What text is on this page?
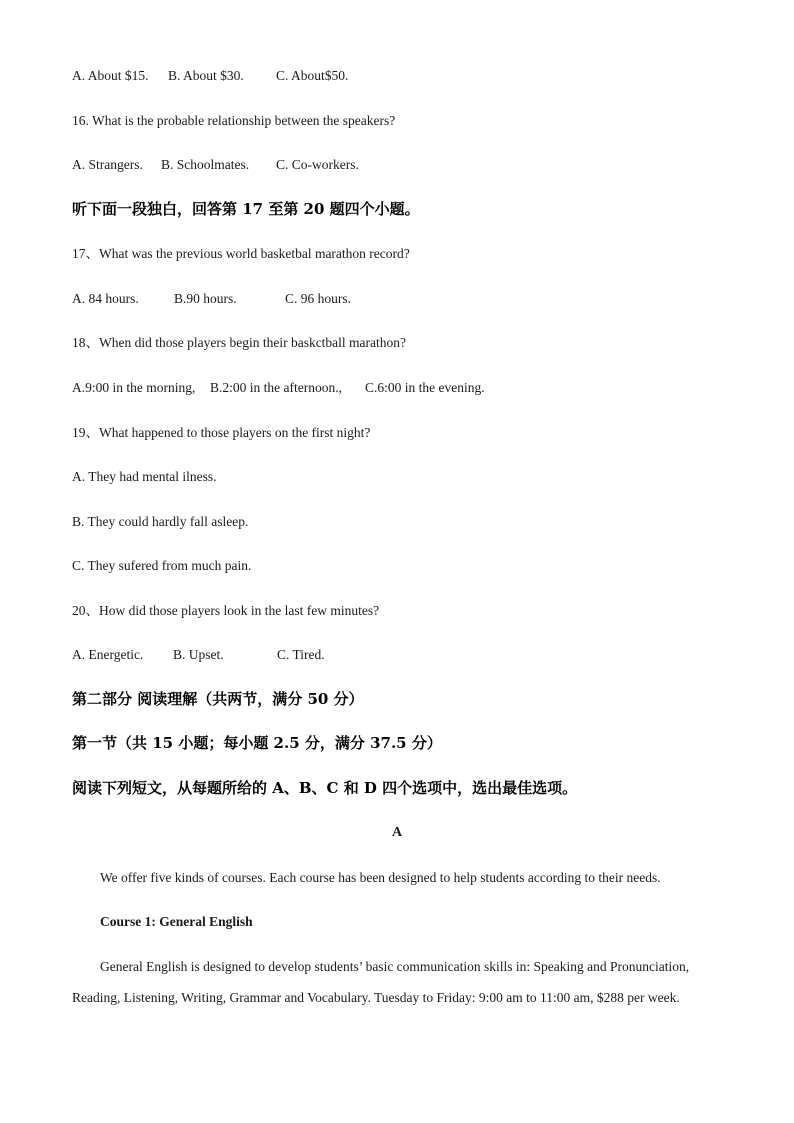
A. About $15. B. About $30. C. About$50.
16. What is the probable relationship between the speakers?
A. Strangers. B. Schoolmates. C. Co-workers.
听下面一段独白，回答第 17 至第 20 题四个小题。
17、What was the previous world basketbal marathon record?
A. 84 hours.	B.90 hours.	C. 96 hours.
18、When did those players begin their baskctball marathon?
A.9:00 in the morning, B.2:00 in the afternoon., C.6:00 in the evening.
19、What happened to those players on the first night?
A. They had mental ilness.
B. They could hardly fall asleep.
C. They sufered from much pain.
20、How did those players look in the last few minutes?
A. Energetic. B. Upset.	C. Tired.
第二部分 阅读理解（共两节，满分 50 分）
第一节（共 15 小题；每小题 2.5 分，满分 37.5 分）
阅读下列短文，从每题所给的 A、B、C 和 D 四个选项中，选出最佳选项。
A
We offer five kinds of courses. Each course has been designed to help students according to their needs.
Course 1: General English
General English is designed to develop students’ basic communication skills in: Speaking and Pronunciation,
Reading, Listening, Writing, Grammar and Vocabulary. Tuesday to Friday: 9:00 am to 11:00 am, $288 per week.
